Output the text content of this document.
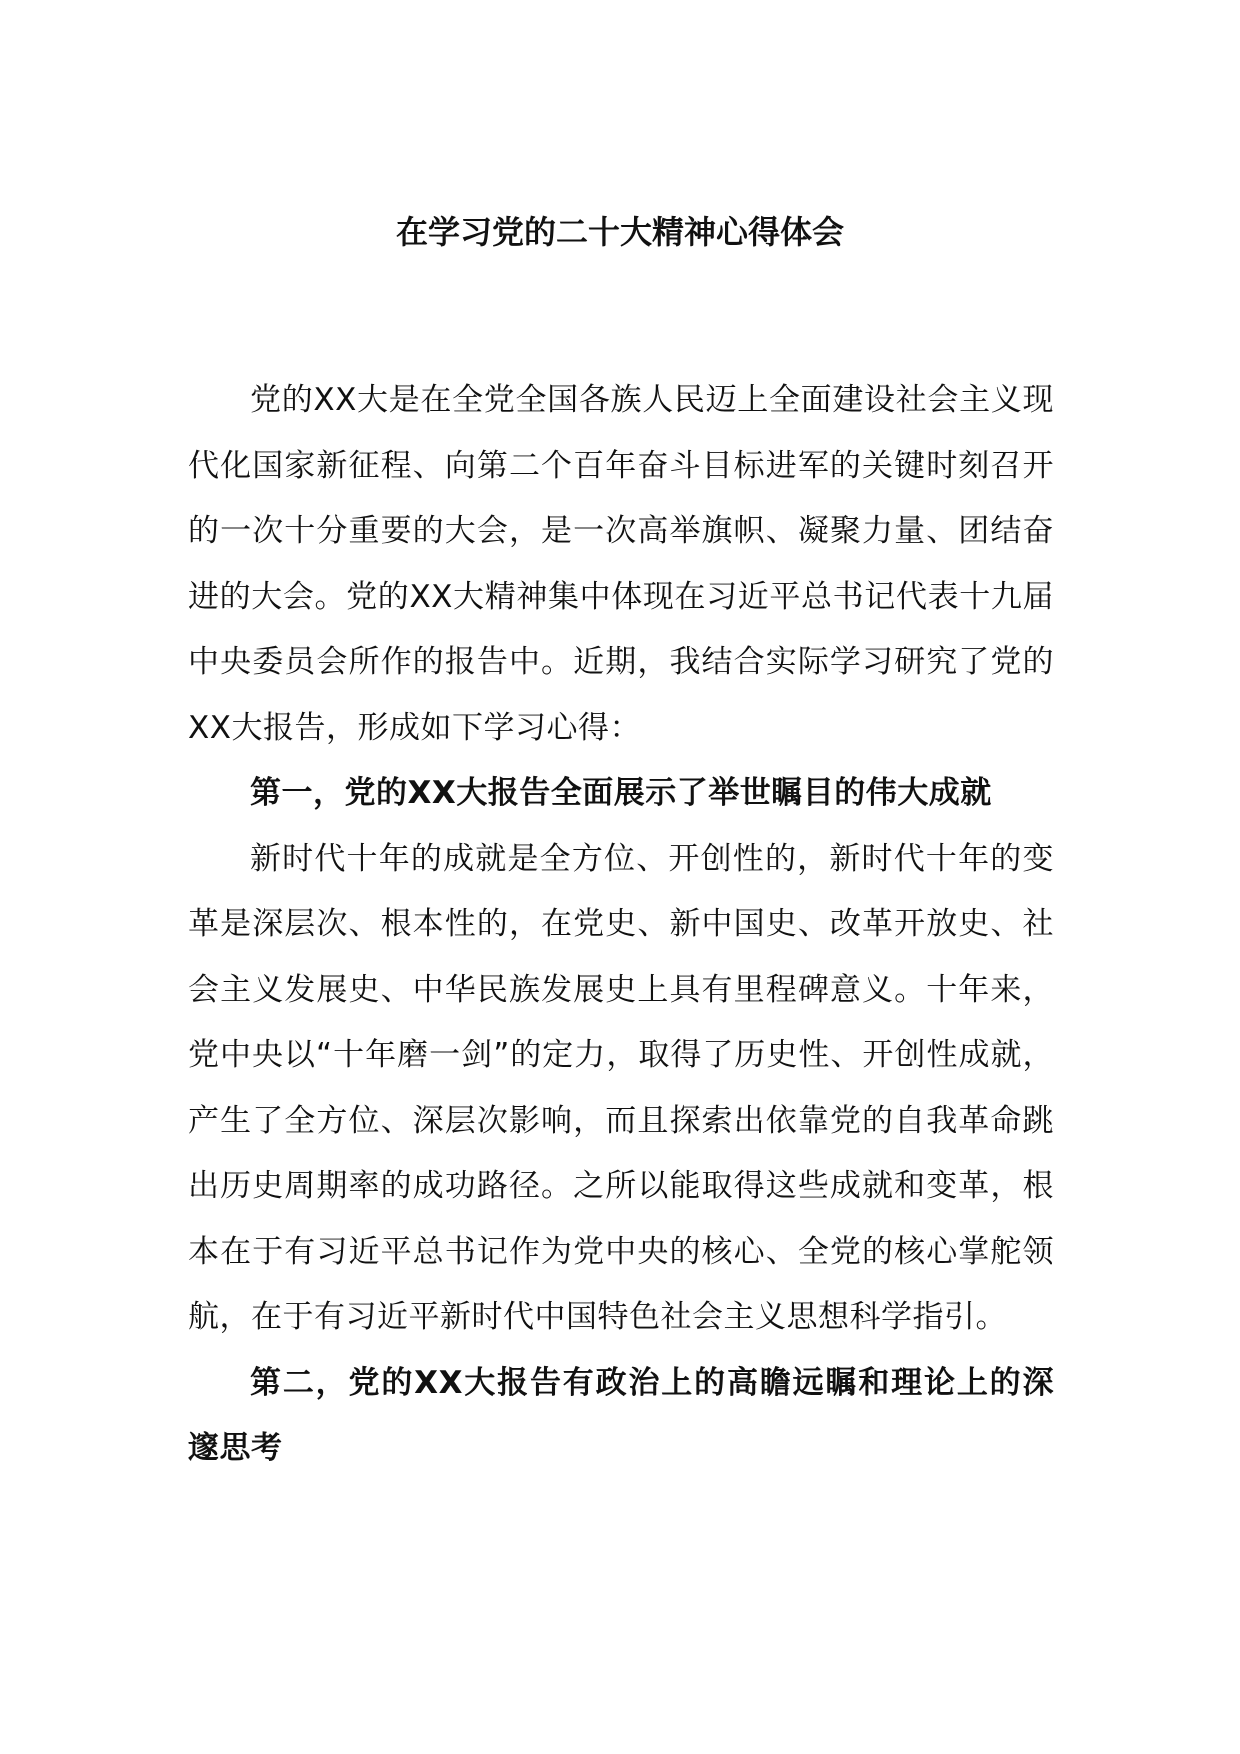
在学习党的二十大精神心得体会

党的XX大是在全党全国各族人民迈上全面建设社会主义现代化国家新征程、向第二个百年奋斗目标进军的关键时刻召开的一次十分重要的大会，是一次高举旗帜、凝聚力量、团结奋进的大会。党的XX大精神集中体现在习近平总书记代表十九届中央委员会所作的报告中。近期，我结合实际学习研究了党的XX大报告，形成如下学习心得：

第一，党的XX大报告全面展示了举世瞩目的伟大成就

新时代十年的成就是全方位、开创性的，新时代十年的变革是深层次、根本性的，在党史、新中国史、改革开放史、社会主义发展史、中华民族发展史上具有里程碑意义。十年来，党中央以“十年磨一剑”的定力，取得了历史性、开创性成就，产生了全方位、深层次影响，而且探索出依靠党的自我革命跳出历史周期率的成功路径。之所以能取得这些成就和变革，根本在于有习近平总书记作为党中央的核心、全党的核心掌舵领航，在于有习近平新时代中国特色社会主义思想科学指引。

第二，党的XX大报告有政治上的高瞻远瞩和理论上的深邃思考
